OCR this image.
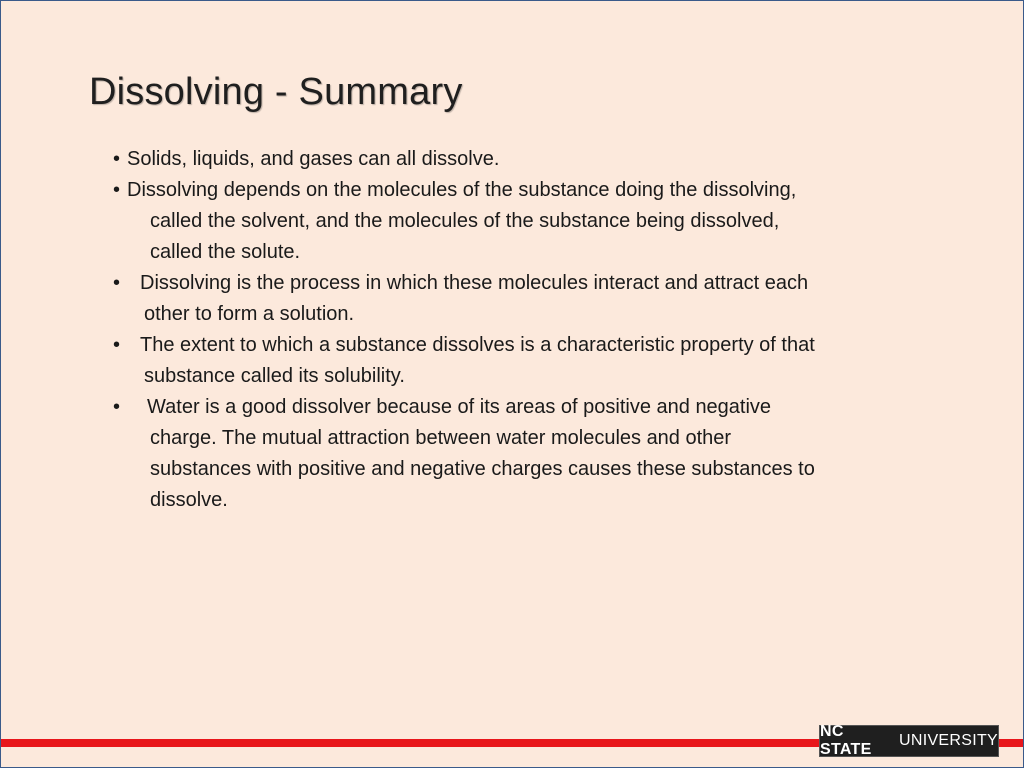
Dissolving - Summary
• Solids, liquids, and gases can all dissolve.
• Dissolving depends on the molecules of the substance doing the dissolving,
called the solvent, and the molecules of the substance being dissolved,
called the solute.
• Dissolving is the process in which these molecules interact and attract each
other to form a solution.
• The extent to which a substance dissolves is a characteristic property of that
substance called its solubility.
• Water is a good dissolver because of its areas of positive and negative
charge. The mutual attraction between water molecules and other
substances with positive and negative charges causes these substances to
dissolve.
NC STATE
UNIVERSITY
